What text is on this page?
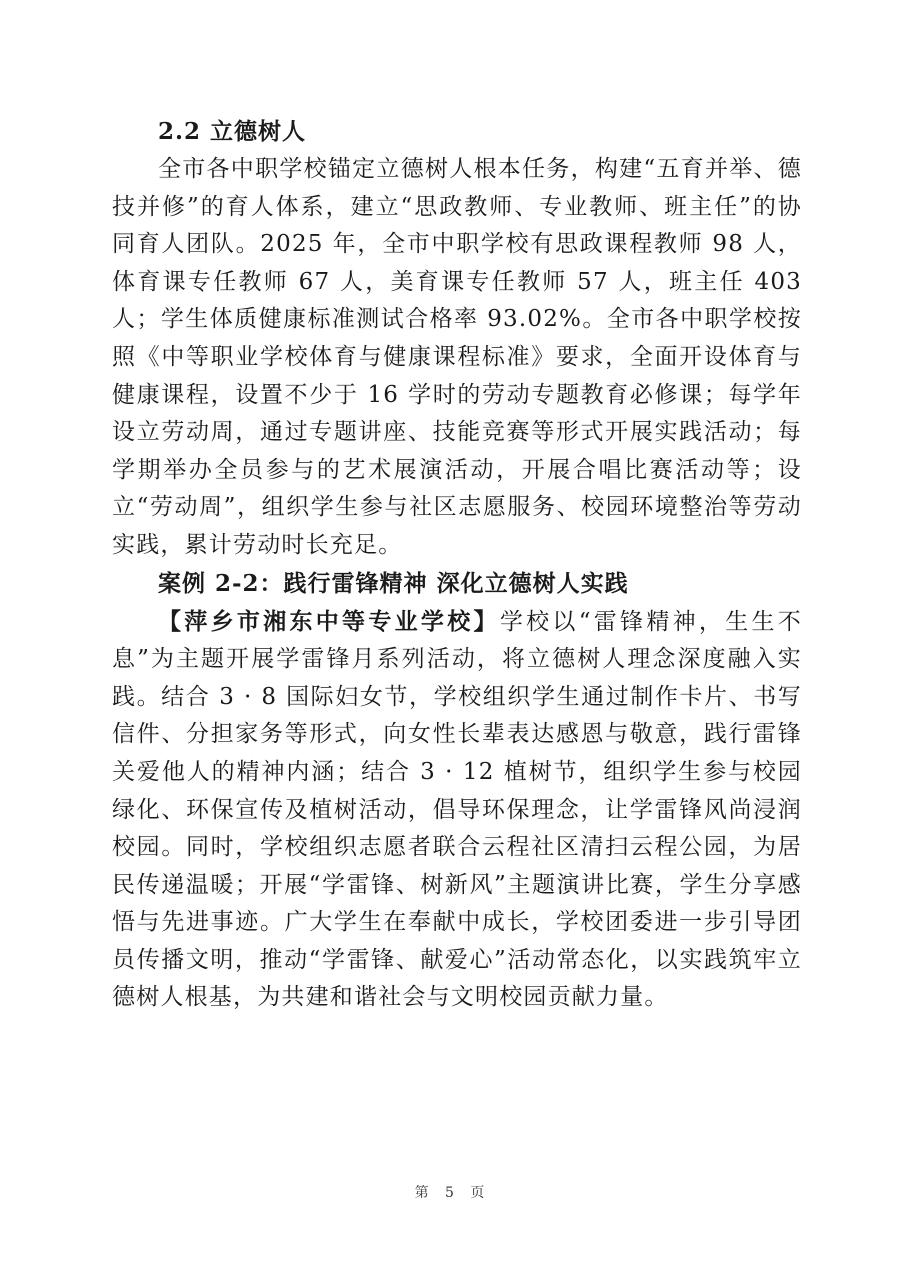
2.2 立德树人

全市各中职学校锚定立德树人根本任务，构建“五育并举、德技并修”的育人体系，建立“思政教师、专业教师、班主任”的协同育人团队。2025 年，全市中职学校有思政课程教师 98 人，体育课专任教师 67 人，美育课专任教师 57 人，班主任 403 人；学生体质健康标准测试合格率 93.02%。全市各中职学校按照《中等职业学校体育与健康课程标准》要求，全面开设体育与健康课程，设置不少于 16 学时的劳动专题教育必修课；每学年设立劳动周，通过专题讲座、技能竞赛等形式开展实践活动；每学期举办全员参与的艺术展演活动，开展合唱比赛活动等；设立“劳动周”，组织学生参与社区志愿服务、校园环境整治等劳动实践，累计劳动时长充足。

案例 2-2：践行雷锋精神 深化立德树人实践

【萍乡市湘东中等专业学校】学校以“雷锋精神，生生不息”为主题开展学雷锋月系列活动，将立德树人理念深度融入实践。结合 3 · 8 国际妇女节，学校组织学生通过制作卡片、书写信件、分担家务等形式，向女性长辈表达感恩与敬意，践行雷锋关爱他人的精神内涵；结合 3 · 12 植树节，组织学生参与校园绿化、环保宣传及植树活动，倡导环保理念，让学雷锋风尚浸润校园。同时，学校组织志愿者联合云程社区清扫云程公园，为居民传递温暖；开展“学雷锋、树新风”主题演讲比赛，学生分享感悟与先进事迹。广大学生在奉献中成长，学校团委进一步引导团员传播文明，推动“学雷锋、献爱心”活动常态化，以实践筑牢立德树人根基，为共建和谐社会与文明校园贡献力量。

第 5 页
